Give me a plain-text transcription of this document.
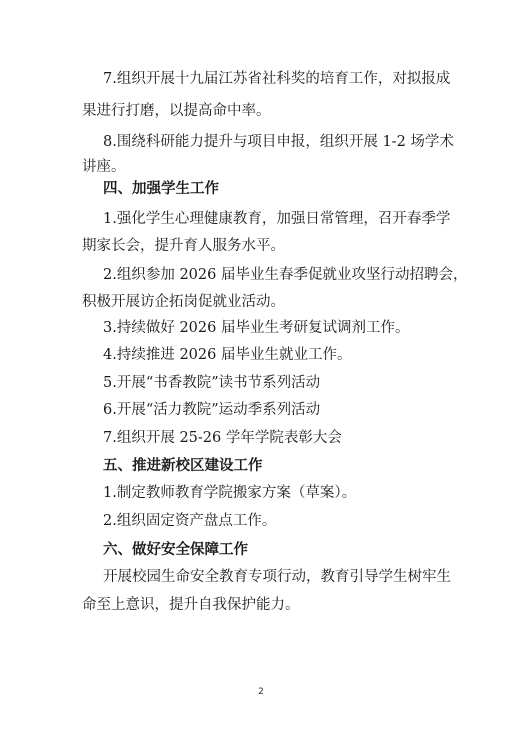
7.组织开展十九届江苏省社科奖的培育工作，对拟报成
果进行打磨，以提高命中率。
8.围绕科研能力提升与项目申报，组织开展 1-2 场学术
讲座。
四、加强学生工作
1.强化学生心理健康教育，加强日常管理，召开春季学
期家长会，提升育人服务水平。
2.组织参加 2026 届毕业生春季促就业攻坚行动招聘会，
积极开展访企拓岗促就业活动。
3.持续做好 2026 届毕业生考研复试调剂工作。
4.持续推进 2026 届毕业生就业工作。
5.开展“书香教院”读书节系列活动
6.开展“活力教院”运动季系列活动
7.组织开展 25-26 学年学院表彰大会
五、推进新校区建设工作
1.制定教师教育学院搬家方案（草案）。
2.组织固定资产盘点工作。
六、做好安全保障工作
开展校园生命安全教育专项行动，教育引导学生树牢生
命至上意识，提升自我保护能力。
2
